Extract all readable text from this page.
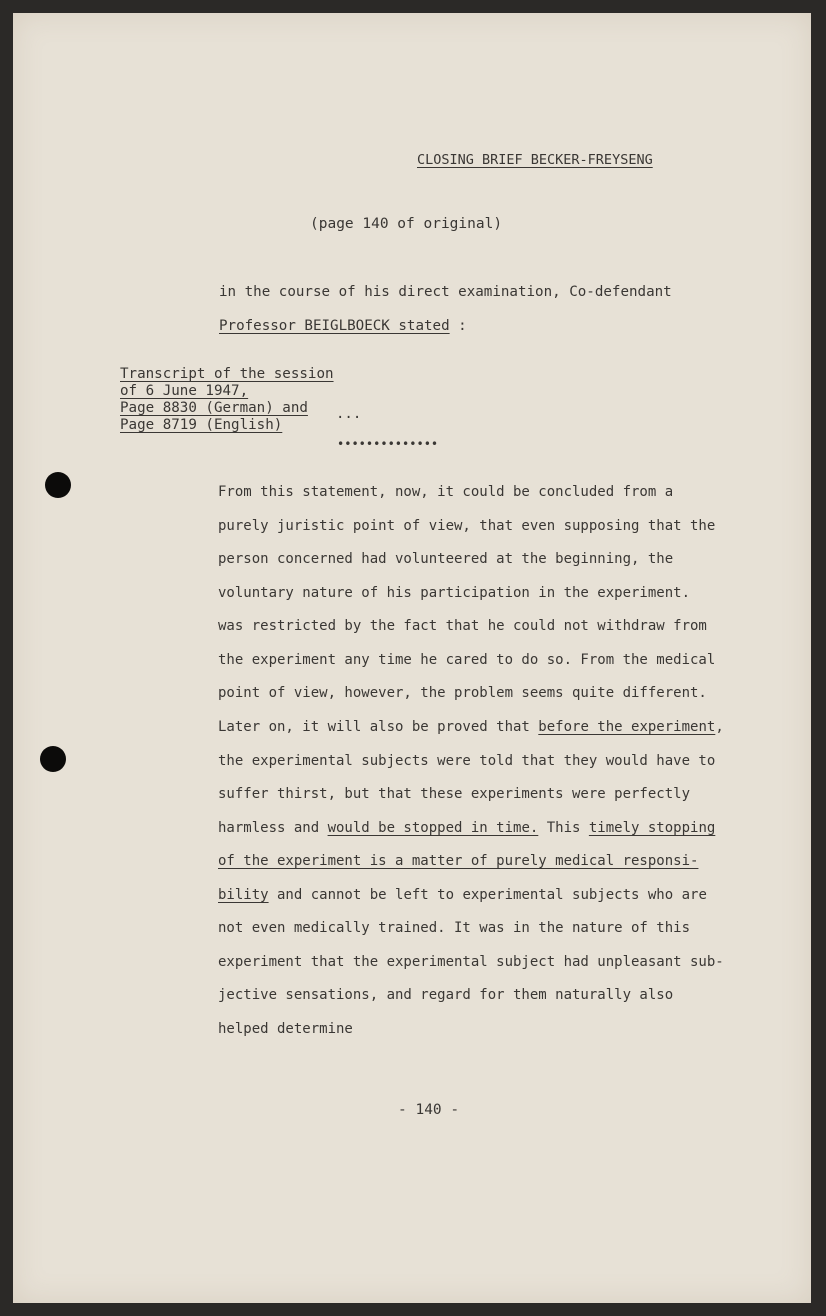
CLOSING BRIEF BECKER-FREYSENG
(page 140 of original)
in the course of his direct examination, Co-defendant
Professor BEIGLBOECK stated :
Transcript of the session
of 6 June 1947,
Page 8830 (German) and
Page 8719 (English)
...
••••••••••••••
From this statement, now, it could be concluded from a
purely juristic point of view, that even supposing that the
person concerned had volunteered at the beginning, the
voluntary nature of his participation in the experiment.
was restricted by the fact that he could not withdraw from
the experiment any time he cared to do so. From the medical
point of view, however, the problem seems quite different.
Later on, it will also be proved that before the experiment,
the experimental subjects were told that they would have to
suffer thirst, but that these experiments were perfectly
harmless and would be stopped in time. This timely stopping
of the experiment is a matter of purely medical responsi-
bility and cannot be left to experimental subjects who are
not even medically trained. It was in the nature of this
experiment that the experimental subject had unpleasant sub-
jective sensations, and regard for them naturally also
helped determine
- 140 -
